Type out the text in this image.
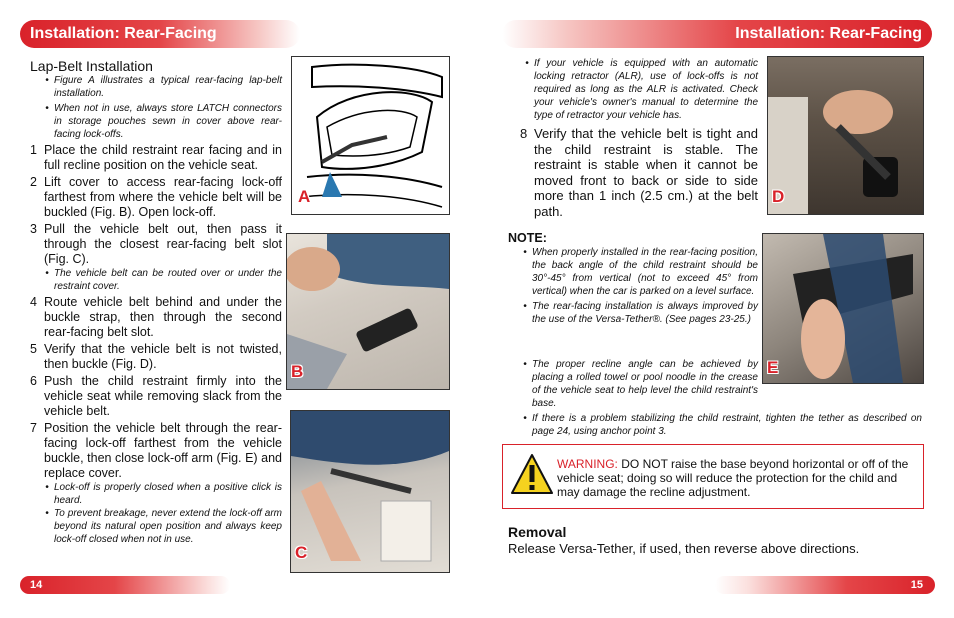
Installation: Rear-Facing
Lap-Belt Installation
• Figure A illustrates a typical rear-facing lap-belt installation.
• When not in use, always store LATCH connectors in storage pouches sewn in cover above rear-facing lock-offs.
1 Place the child restraint rear facing and in full recline position on the vehicle seat.
2 Lift cover to access rear-facing lock-off farthest from where the vehicle belt will be buckled (Fig. B). Open lock-off.
3 Pull the vehicle belt out, then pass it through the closest rear-facing belt slot (Fig. C).
• The vehicle belt can be routed over or under the restraint cover.
4 Route vehicle belt behind and under the buckle strap, then through the second rear-facing belt slot.
5 Verify that the vehicle belt is not twisted, then buckle (Fig. D).
6 Push the child restraint firmly into the vehicle seat while removing slack from the vehicle belt.
7 Position the vehicle belt through the rear-facing lock-off farthest from the vehicle buckle, then close lock-off arm (Fig. E) and replace cover.
• Lock-off is properly closed when a positive click is heard.
• To prevent breakage, never extend the lock-off arm beyond its natural open position and always keep lock-off closed when not in use.
A
B
C
14
Installation: Rear-Facing
• If your vehicle is equipped with an automatic locking retractor (ALR), use of lock-offs is not required as long as the ALR is activated. Check your vehicle's owner's manual to determine the type of retractor your vehicle has.
8 Verify that the vehicle belt is tight and the child restraint is stable. The restraint is stable when it cannot be moved front to back or side to side more than 1 inch (2.5 cm.) at the belt path.
D
NOTE:
• When properly installed in the rear-facing position, the back angle of the child restraint should be 30°-45° from vertical (not to exceed 45° from vertical) when the car is parked on a level surface.
• The rear-facing installation is always improved by the use of the Versa-Tether®. (See pages 23-25.)
• The proper recline angle can be achieved by placing a rolled towel or pool noodle in the crease of the vehicle seat to help level the child restraint's base.
• If there is a problem stabilizing the child restraint, tighten the tether as described on page 24, using anchor point 3.
E
WARNING: DO NOT raise the base beyond horizontal or off of the vehicle seat; doing so will reduce the protection for the child and may damage the recline adjustment.
Removal
Release Versa-Tether, if used, then reverse above directions.
15
